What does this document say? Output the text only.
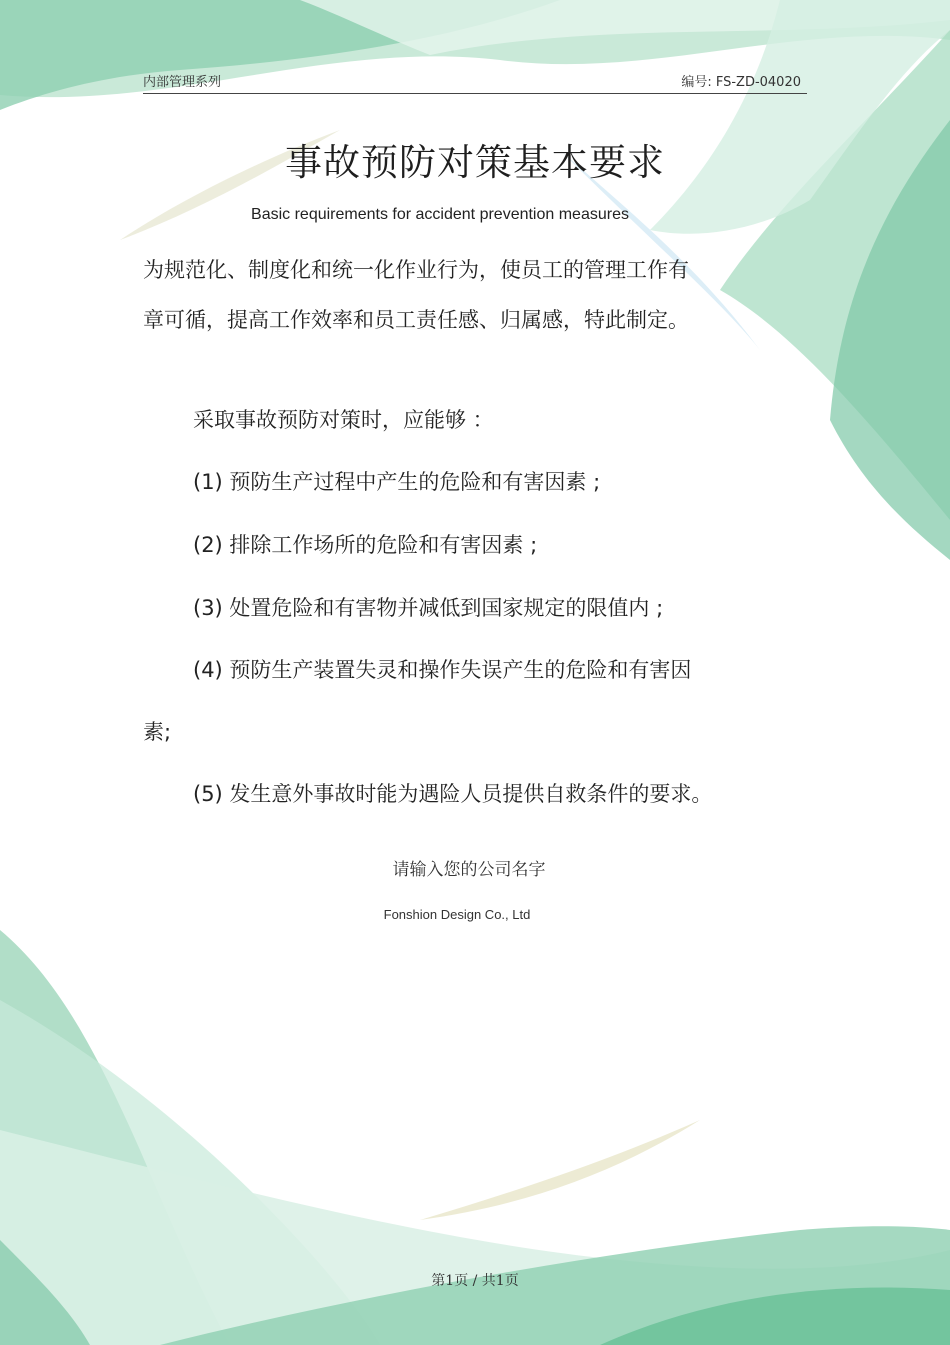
内部管理系列	编号: FS-ZD-04020
事故预防对策基本要求
Basic requirements for accident prevention measures
为规范化、制度化和统一化作业行为，使员工的管理工作有
章可循，提高工作效率和员工责任感、归属感，特此制定。
采取事故预防对策时，应能够 ：
(1) 预防生产过程中产生的危险和有害因素 ;
(2) 排除工作场所的危险和有害因素 ;
(3) 处置危险和有害物并减低到国家规定的限值内 ;
(4) 预防生产装置失灵和操作失误产生的危险和有害因
素;
(5) 发生意外事故时能为遇险人员提供自救条件的要求。
请输入您的公司名字
Fonshion Design Co., Ltd
第1页 / 共1页
